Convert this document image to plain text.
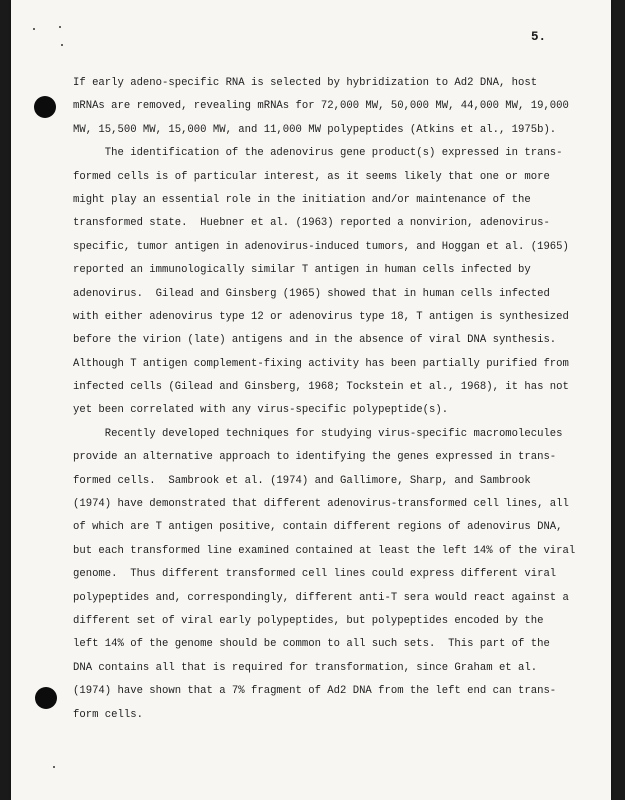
5.
If early adeno-specific RNA is selected by hybridization to Ad2 DNA, host
mRNAs are removed, revealing mRNAs for 72,000 MW, 50,000 MW, 44,000 MW, 19,000
MW, 15,500 MW, 15,000 MW, and 11,000 MW polypeptides (Atkins et al., 1975b).
The identification of the adenovirus gene product(s) expressed in trans-
formed cells is of particular interest, as it seems likely that one or more
might play an essential role in the initiation and/or maintenance of the
transformed state.  Huebner et al. (1963) reported a nonvirion, adenovirus-
specific, tumor antigen in adenovirus-induced tumors, and Hoggan et al. (1965)
reported an immunologically similar T antigen in human cells infected by
adenovirus.  Gilead and Ginsberg (1965) showed that in human cells infected
with either adenovirus type 12 or adenovirus type 18, T antigen is synthesized
before the virion (late) antigens and in the absence of viral DNA synthesis.
Although T antigen complement-fixing activity has been partially purified from
infected cells (Gilead and Ginsberg, 1968; Tockstein et al., 1968), it has not
yet been correlated with any virus-specific polypeptide(s).
Recently developed techniques for studying virus-specific macromolecules
provide an alternative approach to identifying the genes expressed in trans-
formed cells.  Sambrook et al. (1974) and Gallimore, Sharp, and Sambrook
(1974) have demonstrated that different adenovirus-transformed cell lines, all
of which are T antigen positive, contain different regions of adenovirus DNA,
but each transformed line examined contained at least the left 14% of the viral
genome.  Thus different transformed cell lines could express different viral
polypeptides and, correspondingly, different anti-T sera would react against a
different set of viral early polypeptides, but polypeptides encoded by the
left 14% of the genome should be common to all such sets.  This part of the
DNA contains all that is required for transformation, since Graham et al.
(1974) have shown that a 7% fragment of Ad2 DNA from the left end can trans-
form cells.
